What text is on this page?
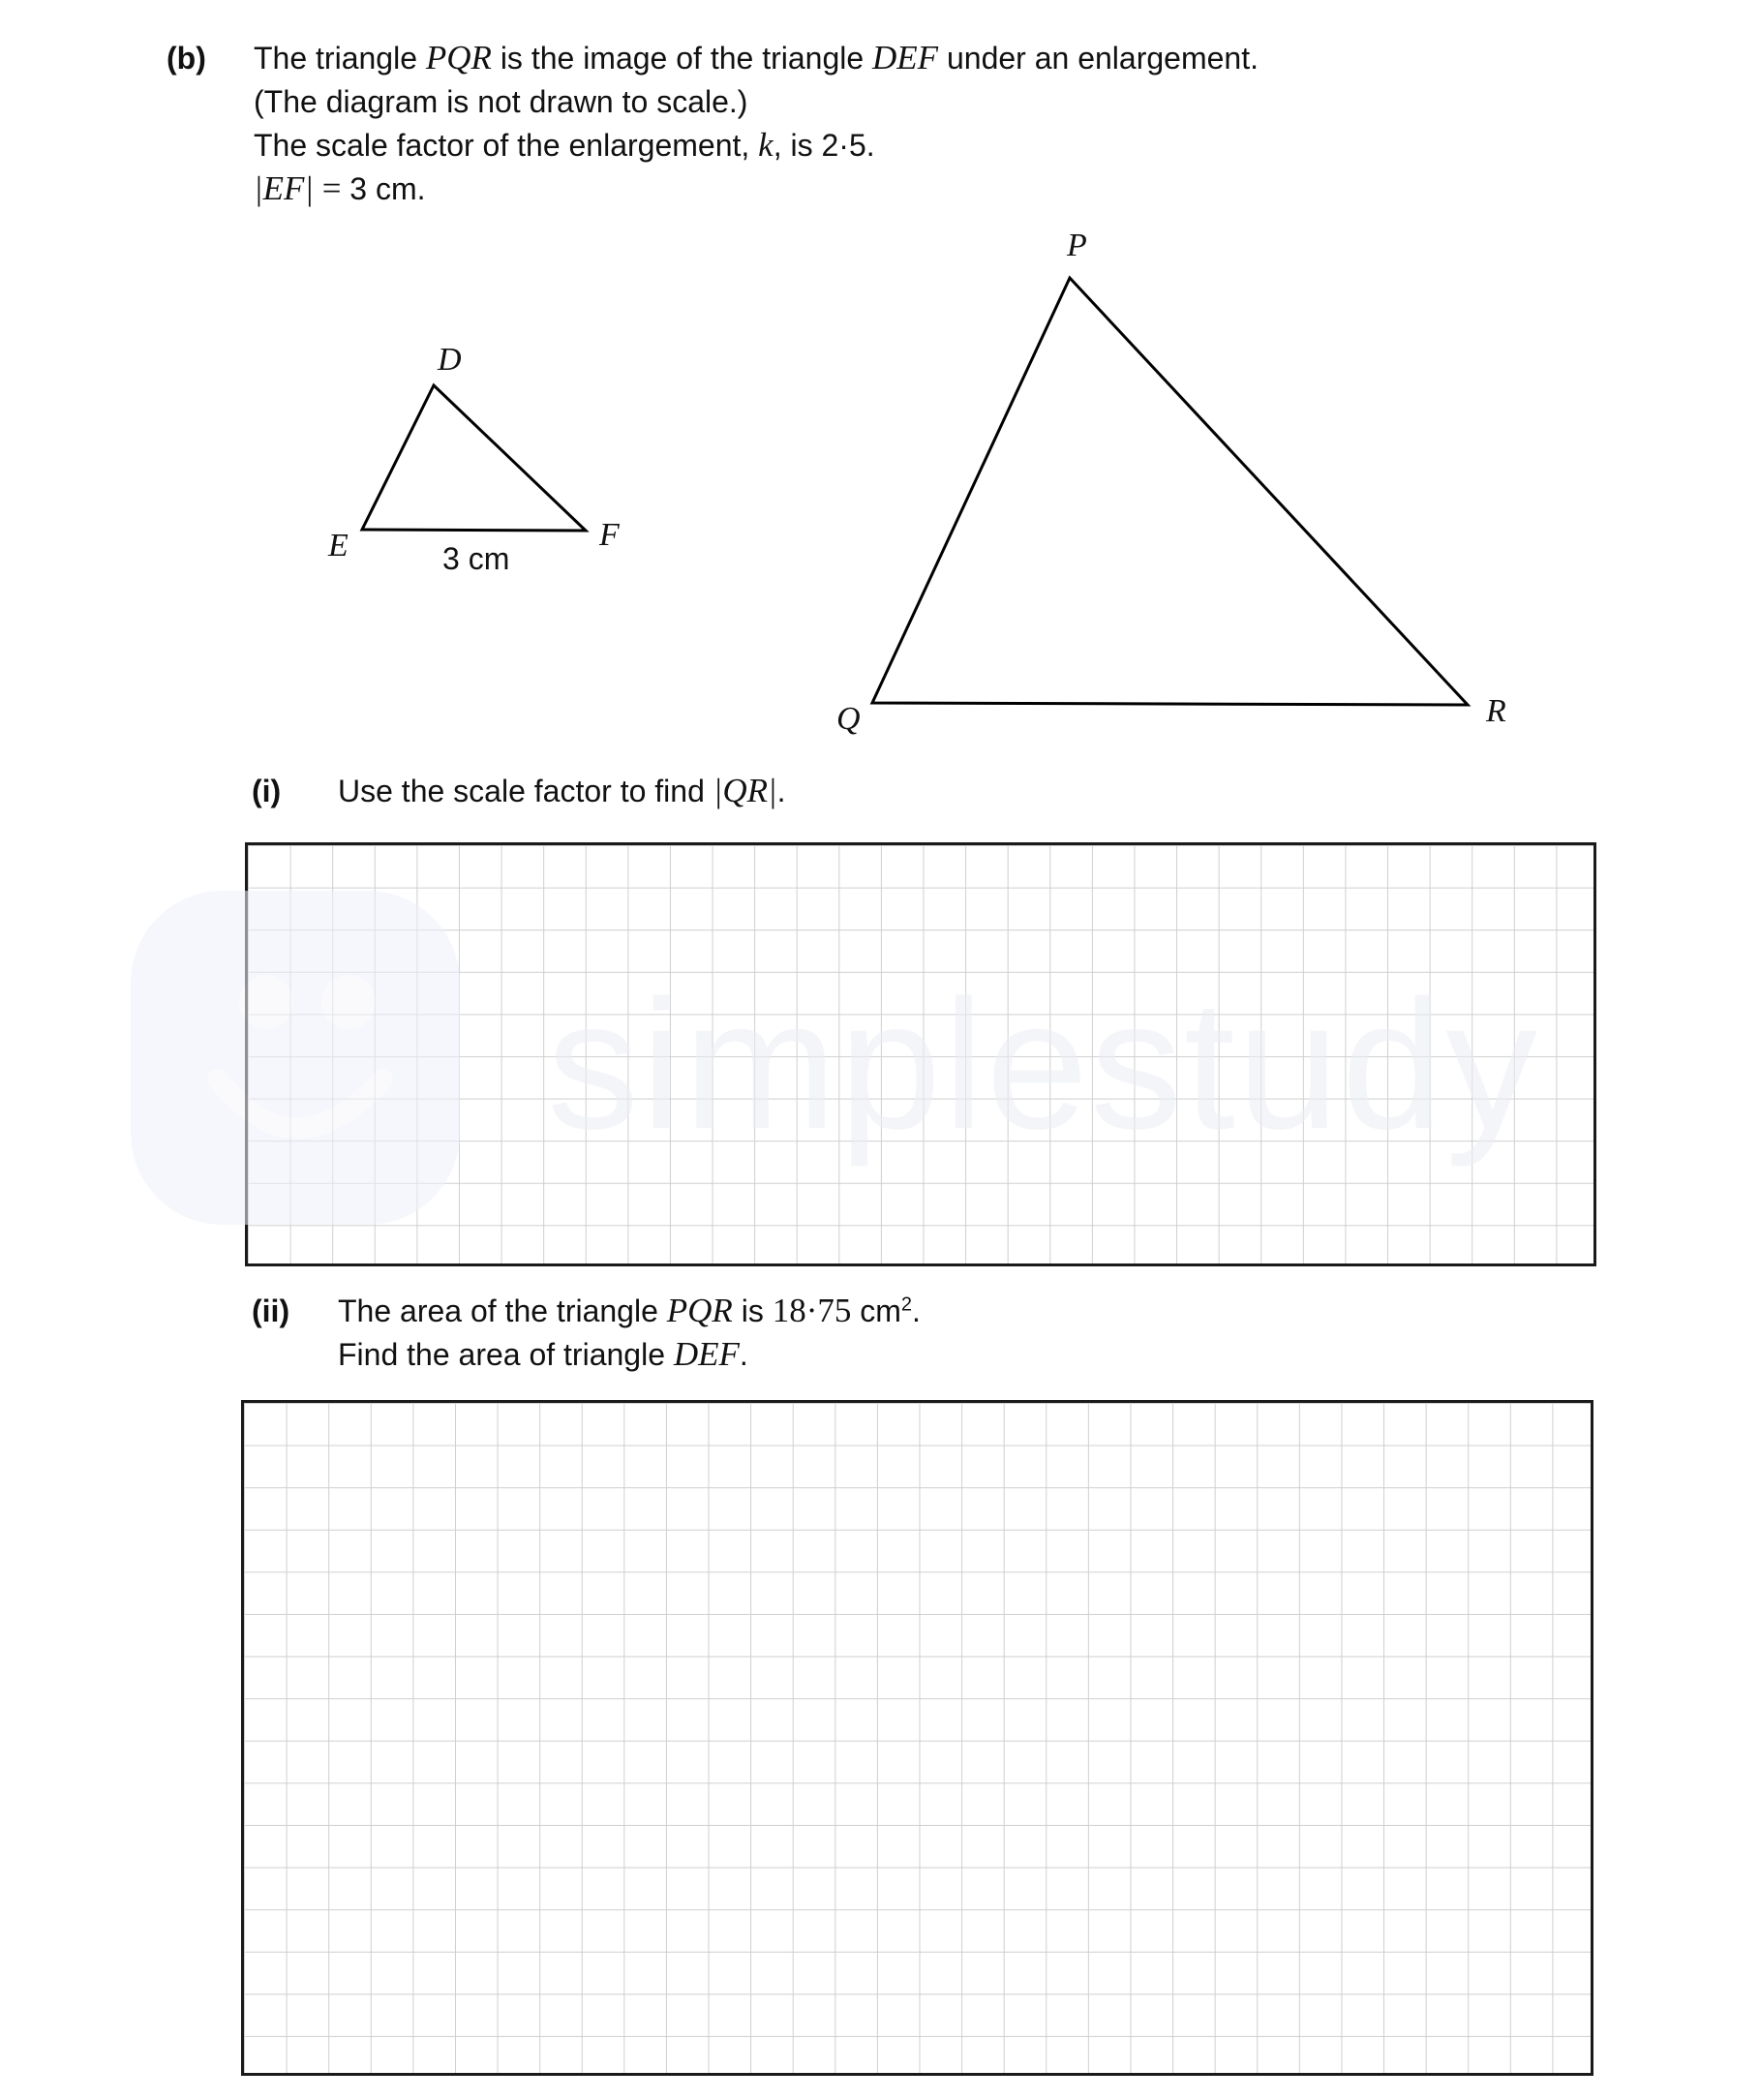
(b) The triangle PQR is the image of the triangle DEF under an enlargement.
(The diagram is not drawn to scale.)
The scale factor of the enlargement, k, is 2·5.
|EF| = 3 cm.
D
E	F
3 cm
P
Q	R
(i) Use the scale factor to find |QR|.
simplestudy
(ii) The area of the triangle PQR is 18·75 $cm^2$.
Find the area of triangle DEF.
